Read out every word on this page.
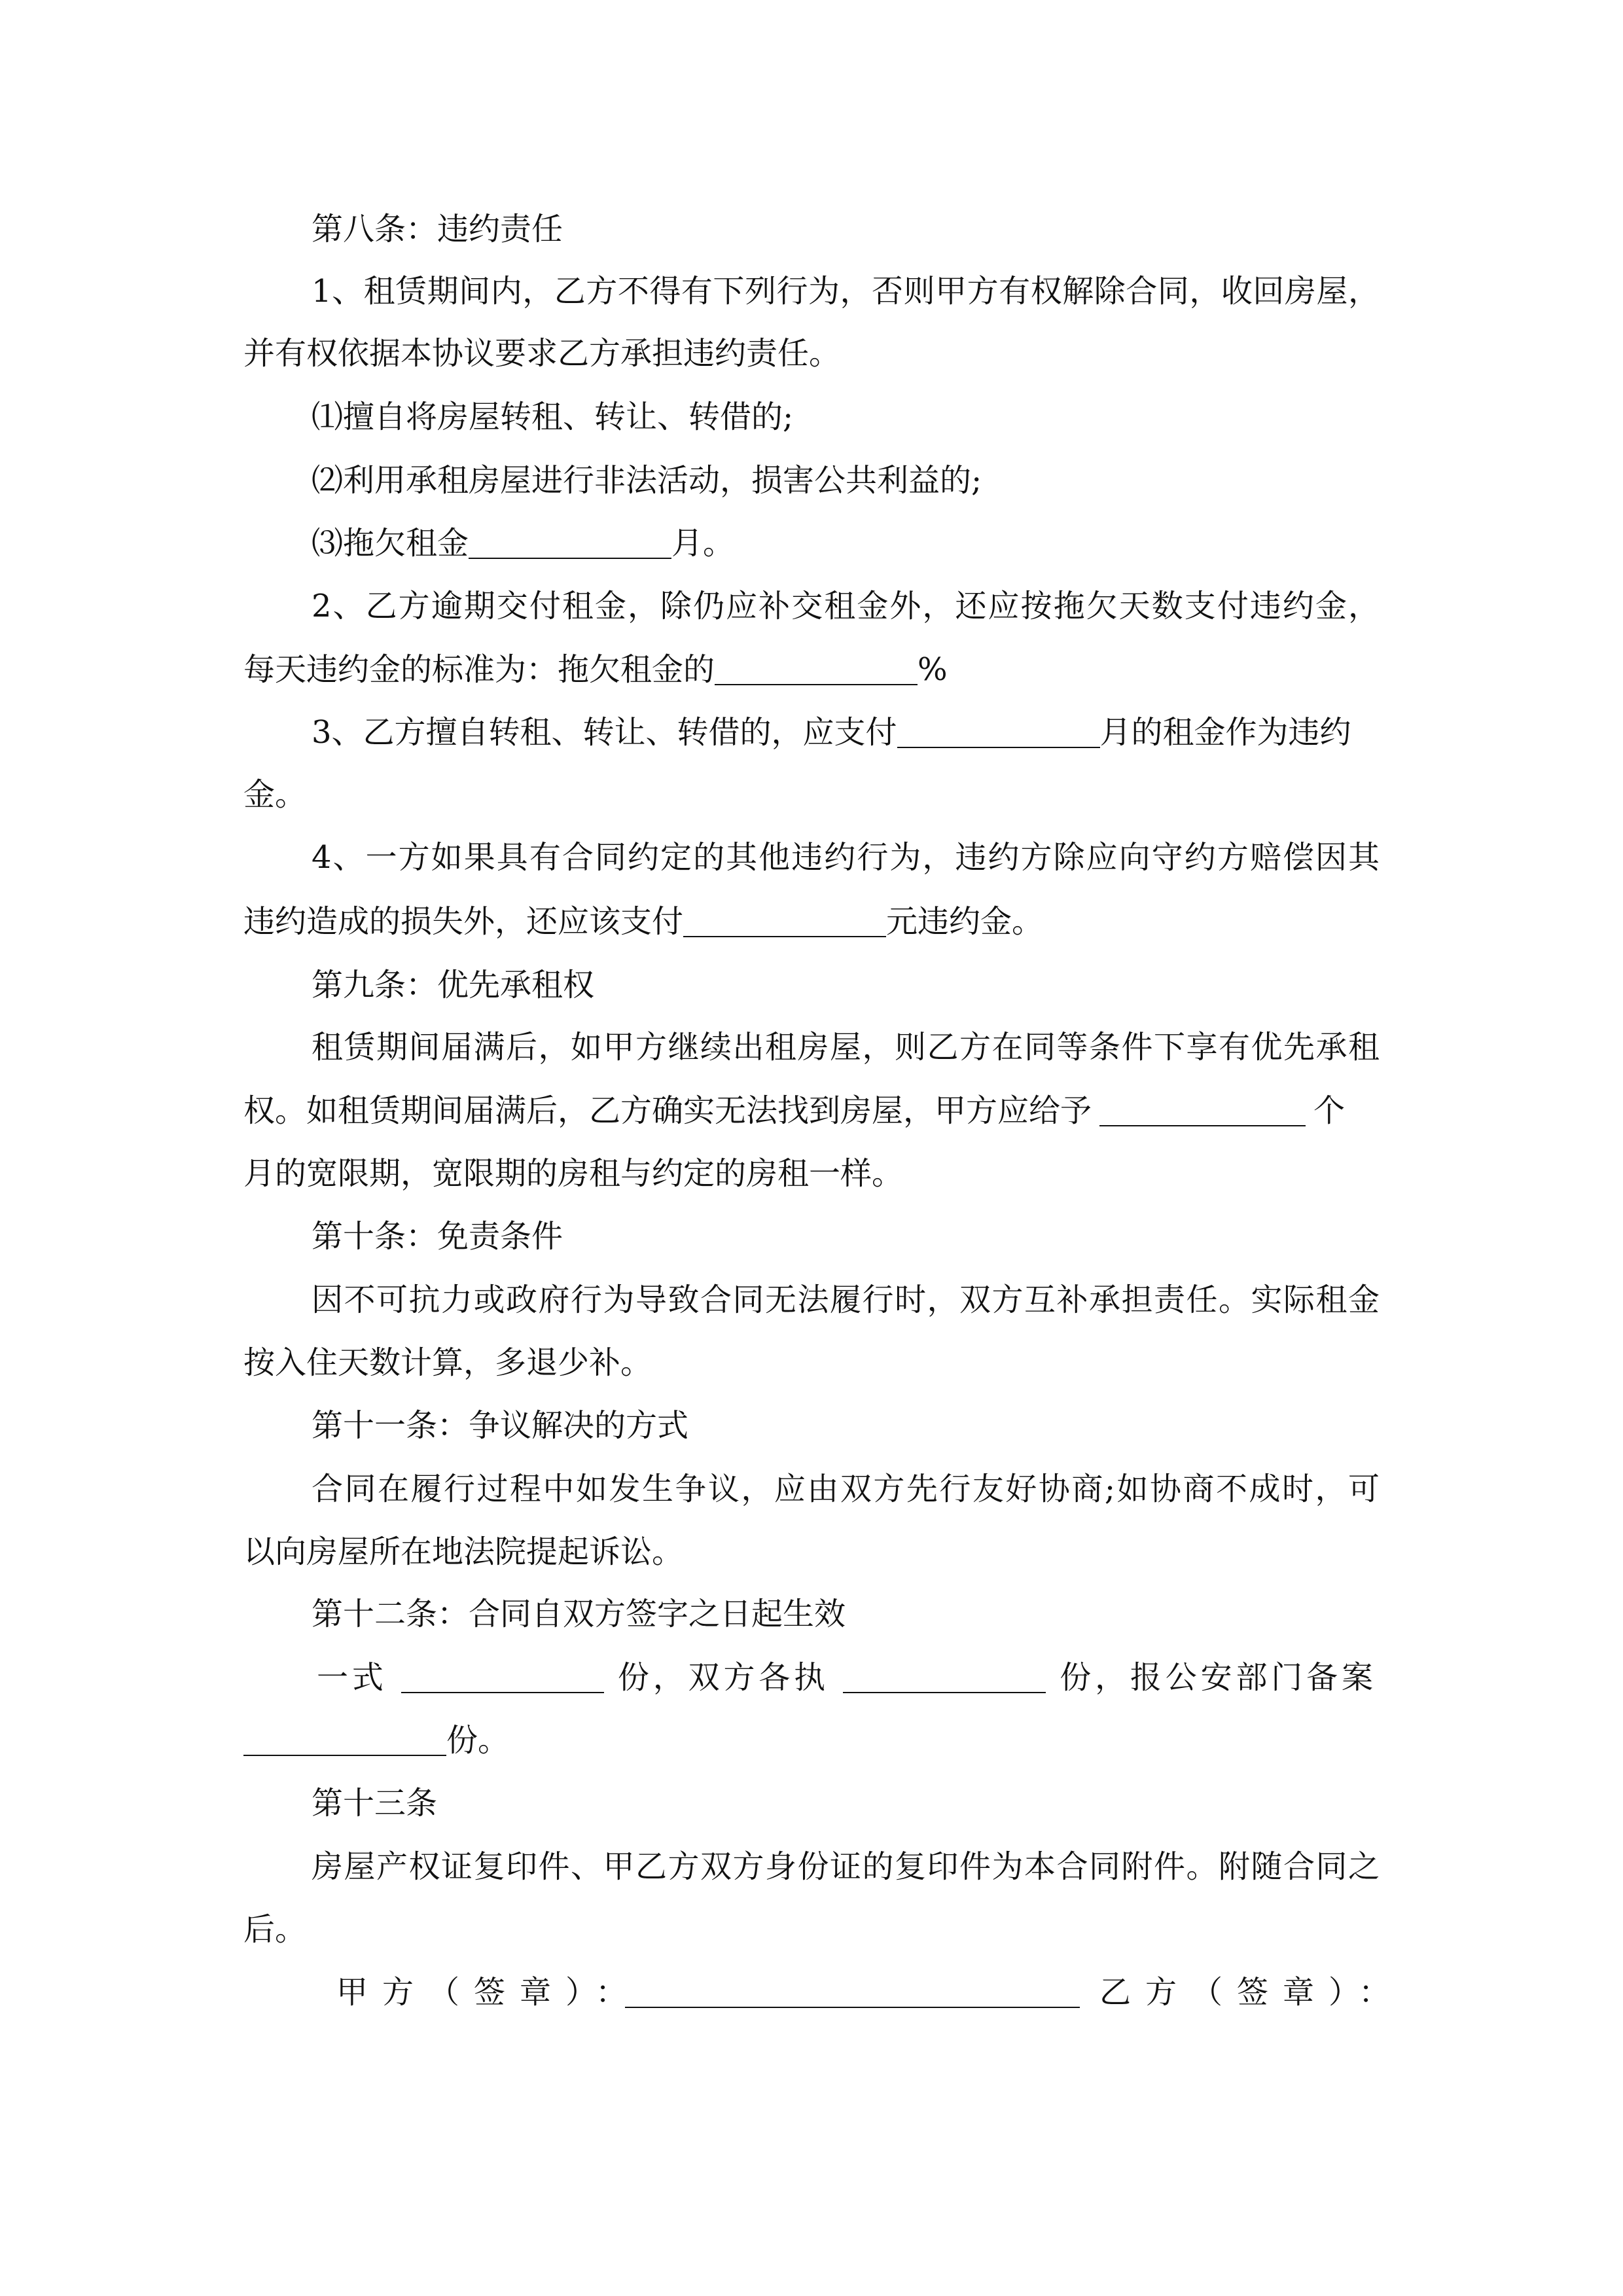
第八条：违约责任
1、租赁期间内，乙方不得有下列行为，否则甲方有权解除合同，收回房屋，
并有权依据本协议要求乙方承担违约责任。
⑴擅自将房屋转租、转让、转借的;
⑵利用承租房屋进行非法活动，损害公共利益的;
⑶拖欠租金	月。
2、乙方逾期交付租金，除仍应补交租金外，还应按拖欠天数支付违约金，
每天违约金的标准为：拖欠租金的	%
3、乙方擅自转租、转让、转借的，应支付	月的租金作为违约
金。
4、一方如果具有合同约定的其他违约行为，违约方除应向守约方赔偿因其
违约造成的损失外，还应该支付	元违约金。
第九条：优先承租权
租赁期间届满后，如甲方继续出租房屋，则乙方在同等条件下享有优先承租
权。如租赁期间届满后，乙方确实无法找到房屋，甲方应给予	个
月的宽限期，宽限期的房租与约定的房租一样。
第十条：免责条件
因不可抗力或政府行为导致合同无法履行时，双方互补承担责任。实际租金
按入住天数计算，多退少补。
第十一条：争议解决的方式
合同在履行过程中如发生争议，应由双方先行友好协商;如协商不成时，可
以向房屋所在地法院提起诉讼。
第十二条：合同自双方签字之日起生效
一式	份，双方各执	份，报公安部门备案
份。
第十三条
房屋产权证复印件、甲乙方双方身份证的复印件为本合同附件。附随合同之
后。
甲方（签章）：	乙方（签章）：
